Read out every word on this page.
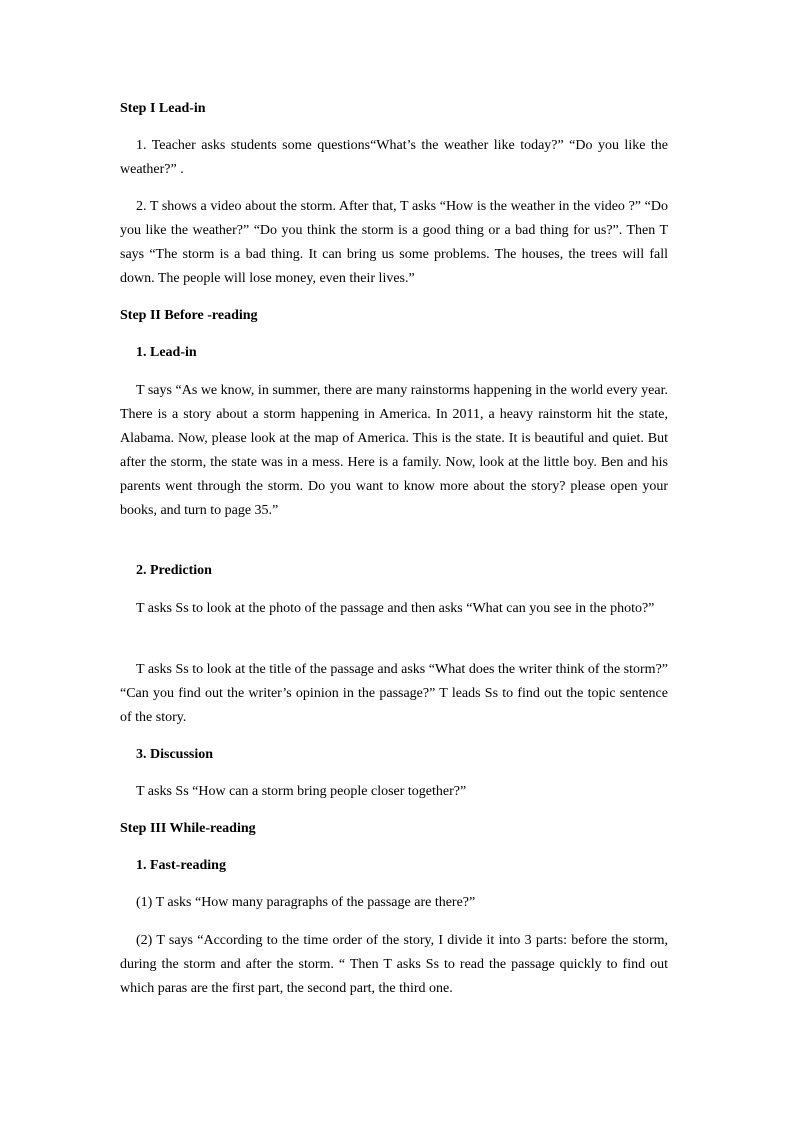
Step I Lead-in

1. Teacher asks students some questions“What’s the weather like today?” “Do you like the weather?” .

2. T shows a video about the storm. After that, T asks “How is the weather in the video ?” “Do you like the weather?” “Do you think the storm is a good thing or a bad thing for us?”. Then T says “The storm is a bad thing. It can bring us some problems. The houses, the trees will fall down. The people will lose money, even their lives.”

Step II Before -reading
1. Lead-in

T says “As we know, in summer, there are many rainstorms happening in the world every year. There is a story about a storm happening in America. In 2011, a heavy rainstorm hit the state, Alabama. Now, please look at the map of America. This is the state. It is beautiful and quiet. But after the storm, the state was in a mess. Here is a family. Now, look at the little boy. Ben and his parents went through the storm. Do you want to know more about the story? please open your books, and turn to page 35.”

2. Prediction

T asks Ss to look at the photo of the passage and then asks “What can you see in the photo?”

T asks Ss to look at the title of the passage and asks “What does the writer think of the storm?” “Can you find out the writer’s opinion in the passage?” T leads Ss to find out the topic sentence of the story.

3. Discussion

T asks Ss “How can a storm bring people closer together?”

Step III While-reading
1. Fast-reading

(1) T asks “How many paragraphs of the passage are there?”

(2) T says “According to the time order of the story, I divide it into 3 parts: before the storm, during the storm and after the storm. “ Then T asks Ss to read the passage quickly to find out which paras are the first part, the second part, the third one.
